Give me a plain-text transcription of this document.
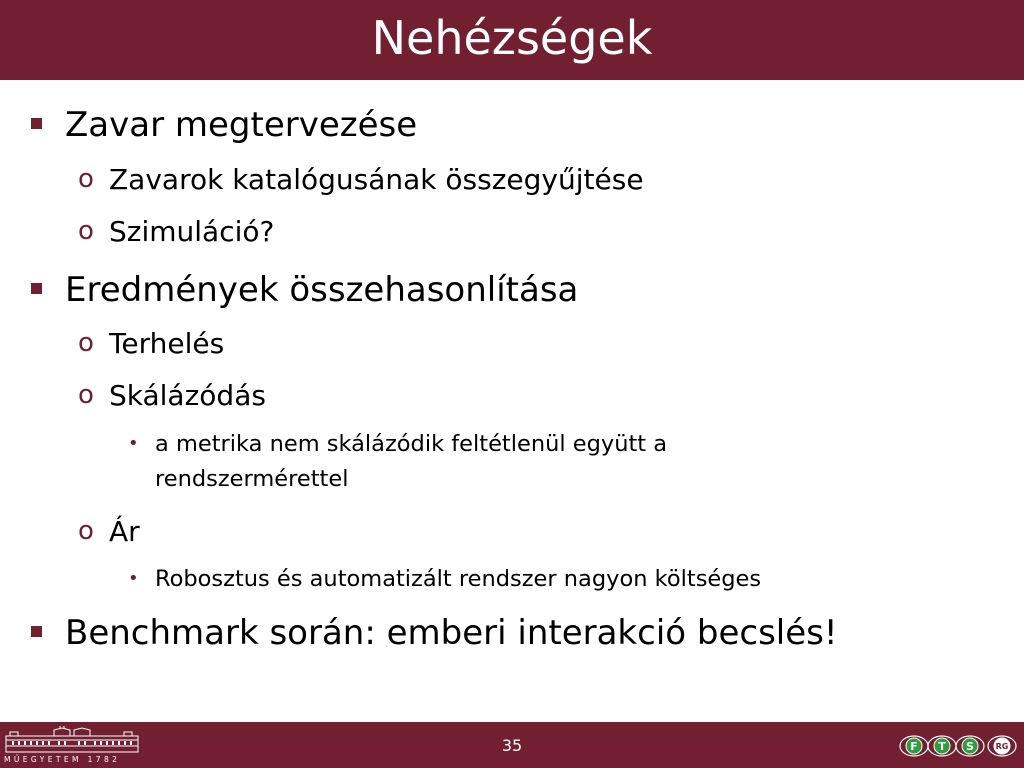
Nehézségek
Zavar megtervezése
o Zavarok katalógusának összegyűjtése
o Szimuláció?
Eredmények összehasonlítása
o Terhelés
o Skálázódás
• a metrika nem skálázódik feltétlenül együtt a
rendszermérettel
o Ár
• Robosztus és automatizált rendszer nagyon költséges
Benchmark során: emberi interakció becslés!
MŰEGYETEM 1782
35	F T S	RG
